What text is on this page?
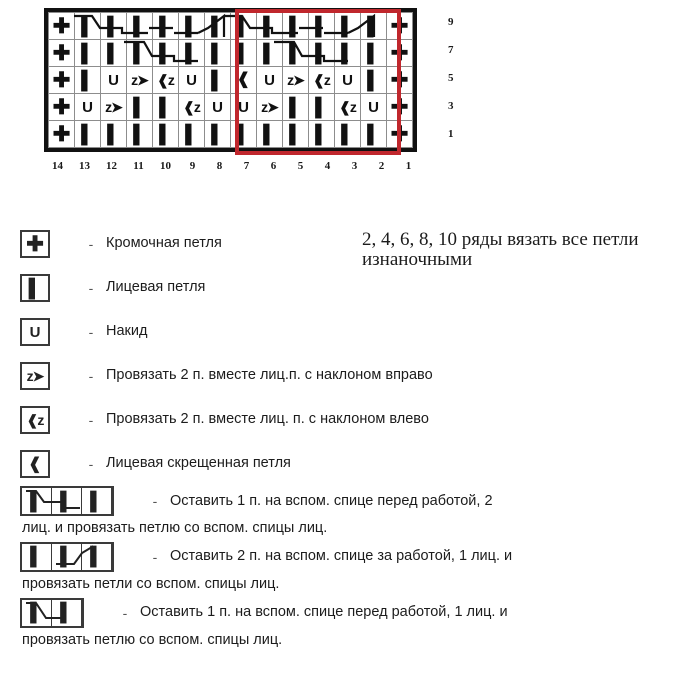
✚	▌	▌	▌	▌	▌	▌	▌	▌	▌	▌	▌	▌	✚
✚	▌	▌	▌	▌	▌	▌	▌	▌	▌	▌	▌	▌	✚
✚	▌	U	z➤	❰z	U	▌	❰	U	z➤	❰z	U	▌	✚
✚	U	z➤	▌	▌	❰z	U	U	z➤	▌	▌	❰z	U	✚
✚	▌	▌	▌	▌	▌	▌	▌	▌	▌	▌	▌	▌	✚
14	13	12	11	10	9	8	7	6	5	4	3	2	1
9
7
5
3
1
2, 4, 6, 8, 10 ряды вязать все петли изнаночными
✚	- Кромочная петля
▌	- Лицевая петля
U	- Накид
z➤	- Провязать 2 п. вместе лиц.п. с наклоном вправо
❰z	- Провязать 2 п. вместе лиц. п. с наклоном влево
❰	- Лицевая скрещенная петля
▌ ▌ ▌	- Оставить 1 п. на вспом. спице перед работой, 2
лиц. и провязать петлю со вспом. спицы лиц.
▌ ▌ ▌	- Оставить 2 п. на вспом. спице за работой, 1 лиц. и
провязать петли со вспом. спицы лиц.
▌ ▌	- Оставить 1 п. на вспом. спице перед работой, 1 лиц. и
провязать петлю со вспом. спицы лиц.
